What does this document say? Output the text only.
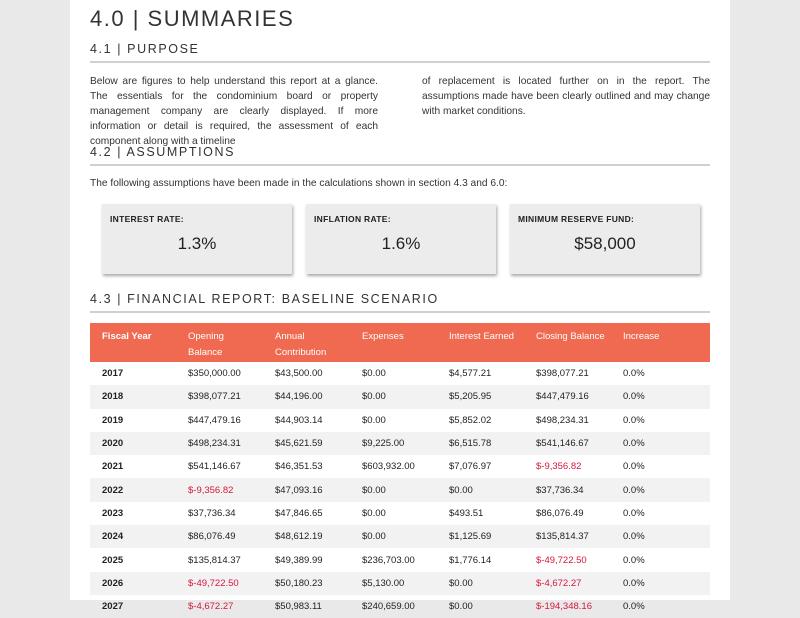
4.0 | SUMMARIES
4.1 | PURPOSE

Below are figures to help understand this report at a glance. The essentials for the condominium board or property management company are clearly displayed. If more information or detail is required, the assessment of each component along with a timeline

of replacement is located further on in the report. The assumptions made have been clearly outlined and may change with market conditions.

4.2 | ASSUMPTIONS
The following assumptions have been made in the calculations shown in section 4.3 and 6.0:
INTEREST RATE:
1.3%
INFLATION RATE:
1.6%
MINIMUM RESERVE FUND:
$58,000
4.3 | FINANCIAL REPORT: BASELINE SCENARIO
Fiscal Year	Opening Balance	Annual Contribution	Expenses	Interest Earned	Closing Balance	Increase
2017	$350,000.00	$43,500.00	$0.00	$4,577.21	$398,077.21	0.0%
2018	$398,077.21	$44,196.00	$0.00	$5,205.95	$447,479.16	0.0%
2019	$447,479.16	$44,903.14	$0.00	$5,852.02	$498,234.31	0.0%
2020	$498,234.31	$45,621.59	$9,225.00	$6,515.78	$541,146.67	0.0%
2021	$541,146.67	$46,351.53	$603,932.00	$7,076.97	$-9,356.82	0.0%
2022	$-9,356.82	$47,093.16	$0.00	$0.00	$37,736.34	0.0%
2023	$37,736.34	$47,846.65	$0.00	$493.51	$86,076.49	0.0%
2024	$86,076.49	$48,612.19	$0.00	$1,125.69	$135,814.37	0.0%
2025	$135,814.37	$49,389.99	$236,703.00	$1,776.14	$-49,722.50	0.0%
2026	$-49,722.50	$50,180.23	$5,130.00	$0.00	$-4,672.27	0.0%
2027	$-4,672.27	$50,983.11	$240,659.00	$0.00	$-194,348.16	0.0%
